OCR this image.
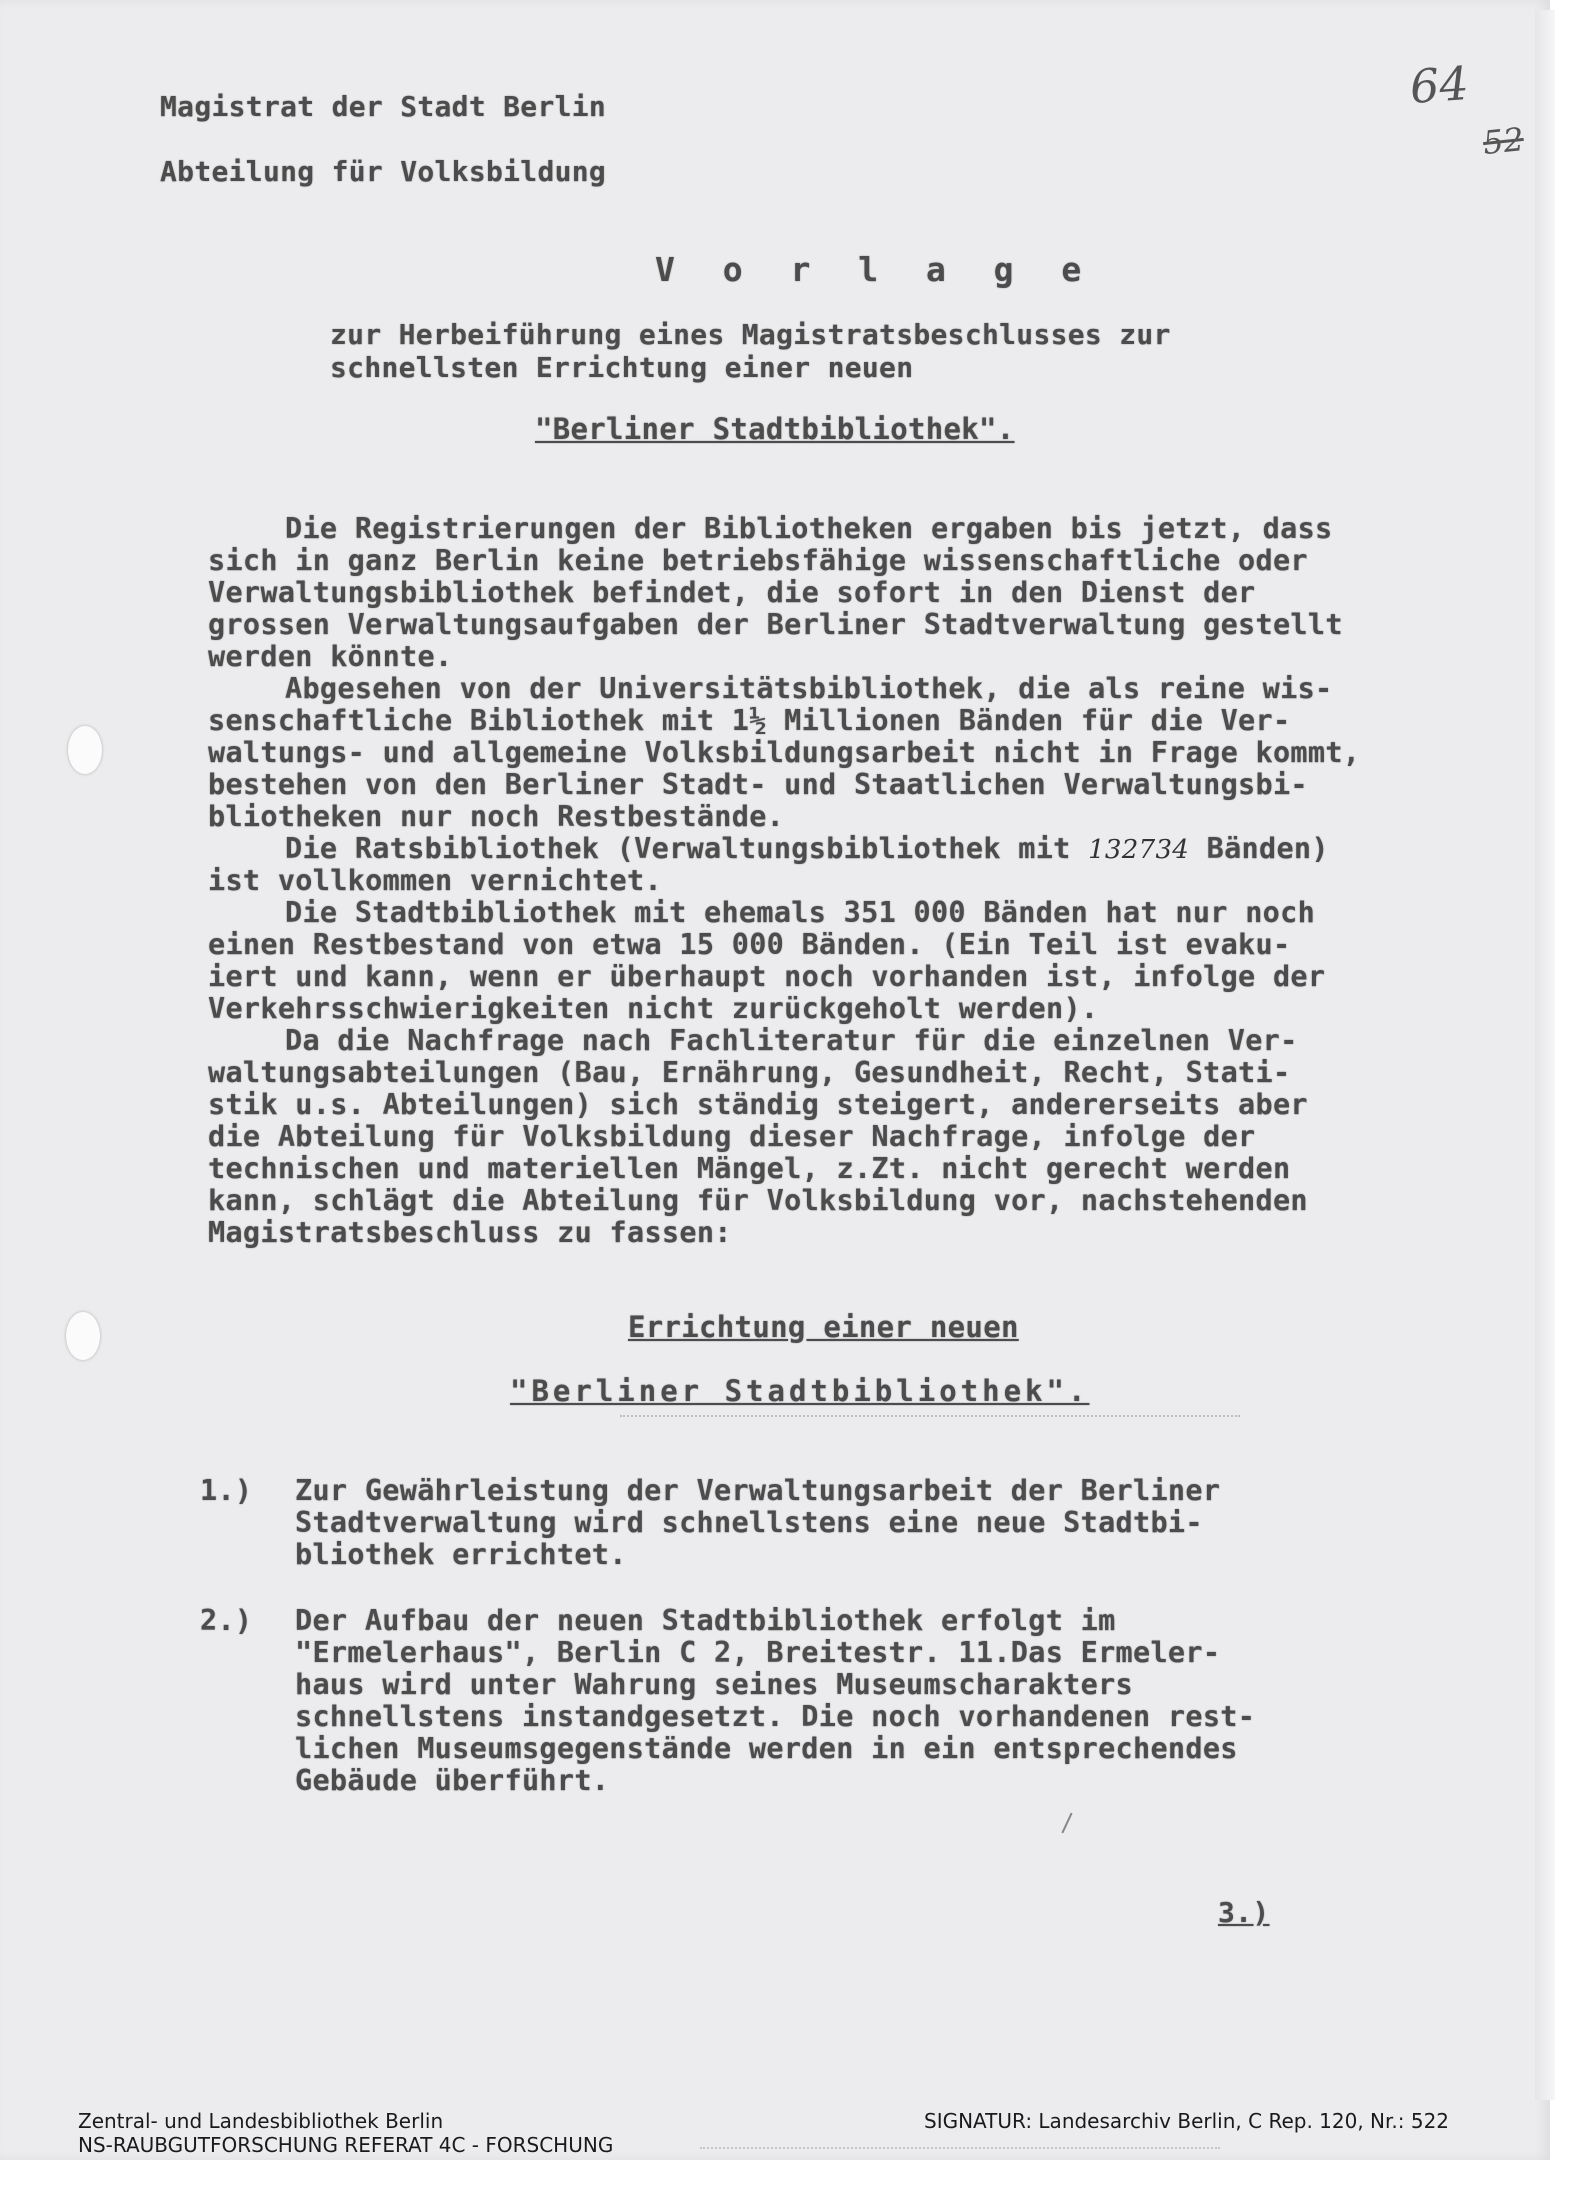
Magistrat der Stadt Berlin
Abteilung für Volksbildung
64
52
V o r l a g e
zur Herbeiführung eines Magistratsbeschlusses zur
schnellsten Errichtung einer neuen
"Berliner Stadtbibliothek".
Die Registrierungen der Bibliotheken ergaben bis jetzt, dass
sich in ganz Berlin keine betriebsfähige wissenschaftliche oder
Verwaltungsbibliothek befindet, die sofort in den Dienst der
grossen Verwaltungsaufgaben der Berliner Stadtverwaltung gestellt
werden könnte.
Abgesehen von der Universitätsbibliothek, die als reine wis-
senschaftliche Bibliothek mit 1½ Millionen Bänden für die Ver-
waltungs- und allgemeine Volksbildungsarbeit nicht in Frage kommt,
bestehen von den Berliner Stadt- und Staatlichen Verwaltungsbi-
bliotheken nur noch Restbestände.
Die Ratsbibliothek (Verwaltungsbibliothek mit 132734 Bänden)
ist vollkommen vernichtet.
Die Stadtbibliothek mit ehemals 351 000 Bänden hat nur noch
einen Restbestand von etwa 15 000 Bänden. (Ein Teil ist evaku-
iert und kann, wenn er überhaupt noch vorhanden ist, infolge der
Verkehrsschwierigkeiten nicht zurückgeholt werden).
Da die Nachfrage nach Fachliteratur für die einzelnen Ver-
waltungsabteilungen (Bau, Ernährung, Gesundheit, Recht, Stati-
stik u.s. Abteilungen) sich ständig steigert, andererseits aber
die Abteilung für Volksbildung dieser Nachfrage, infolge der
technischen und materiellen Mängel, z.Zt. nicht gerecht werden
kann, schlägt die Abteilung für Volksbildung vor, nachstehenden
Magistratsbeschluss zu fassen:
Errichtung einer neuen
"Berliner Stadtbibliothek".
1.) Zur Gewährleistung der Verwaltungsarbeit der Berliner
Stadtverwaltung wird schnellstens eine neue Stadtbi-
bliothek errichtet.
2.) Der Aufbau der neuen Stadtbibliothek erfolgt im
"Ermelerhaus", Berlin C 2, Breitestr. 11.Das Ermeler-
haus wird unter Wahrung seines Museumscharakters
schnellstens instandgesetzt. Die noch vorhandenen rest-
lichen Museumsgegenstände werden in ein entsprechendes
Gebäude überführt.
3.)
Zentral- und Landesbibliothek Berlin
NS-RAUBGUTFORSCHUNG REFERAT 4C - FORSCHUNG
SIGNATUR: Landesarchiv Berlin, C Rep. 120, Nr.: 522
